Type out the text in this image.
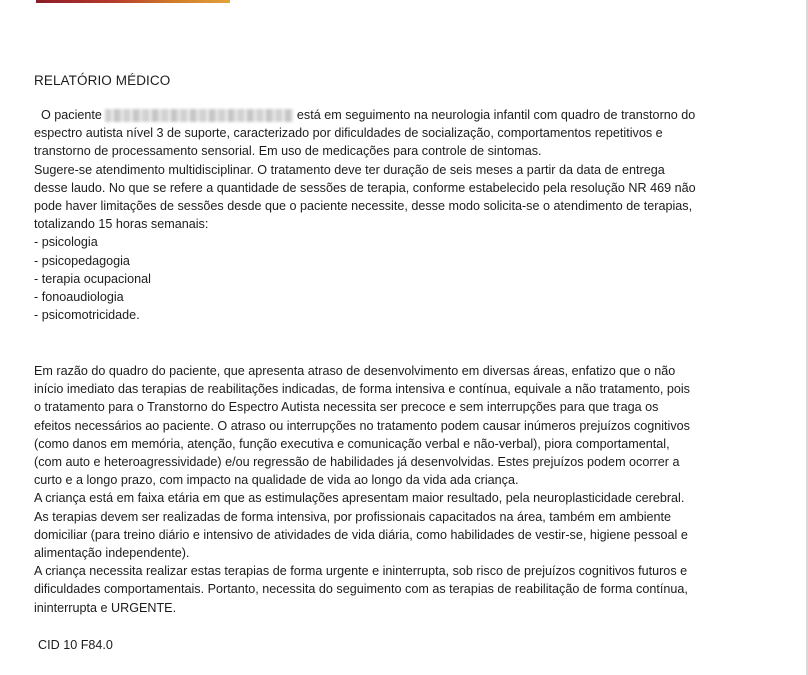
RELATÓRIO MÉDICO
O paciente	está em seguimento na neurologia infantil com quadro de transtorno do
espectro autista nível 3 de suporte, caracterizado por dificuldades de socialização, comportamentos repetitivos e
transtorno de processamento sensorial. Em uso de medicações para controle de sintomas.
Sugere-se atendimento multidisciplinar. O tratamento deve ter duração de seis meses a partir da data de entrega
desse laudo. No que se refere a quantidade de sessões de terapia, conforme estabelecido pela resolução NR 469 não
pode haver limitações de sessões desde que o paciente necessite, desse modo solicita-se o atendimento de terapias,
totalizando 15 horas semanais:
- psicologia
- psicopedagogia
- terapia ocupacional
- fonoaudiologia
- psicomotricidade.
Em razão do quadro do paciente, que apresenta atraso de desenvolvimento em diversas áreas, enfatizo que o não
início imediato das terapias de reabilitações indicadas, de forma intensiva e contínua, equivale a não tratamento, pois
o tratamento para o Transtorno do Espectro Autista necessita ser precoce e sem interrupções para que traga os
efeitos necessários ao paciente. O atraso ou interrupções no tratamento podem causar inúmeros prejuízos cognitivos
(como danos em memória, atenção, função executiva e comunicação verbal e não-verbal), piora comportamental,
(com auto e heteroagressividade) e/ou regressão de habilidades já desenvolvidas. Estes prejuízos podem ocorrer a
curto e a longo prazo, com impacto na qualidade de vida ao longo da vida ada criança.
A criança está em faixa etária em que as estimulações apresentam maior resultado, pela neuroplasticidade cerebral.
As terapias devem ser realizadas de forma intensiva, por profissionais capacitados na área, também em ambiente
domiciliar (para treino diário e intensivo de atividades de vida diária, como habilidades de vestir-se, higiene pessoal e
alimentação independente).
A criança necessita realizar estas terapias de forma urgente e ininterrupta, sob risco de prejuízos cognitivos futuros e
dificuldades comportamentais. Portanto, necessita do seguimento com as terapias de reabilitação de forma contínua,
ininterrupta e URGENTE.
CID 10 F84.0
